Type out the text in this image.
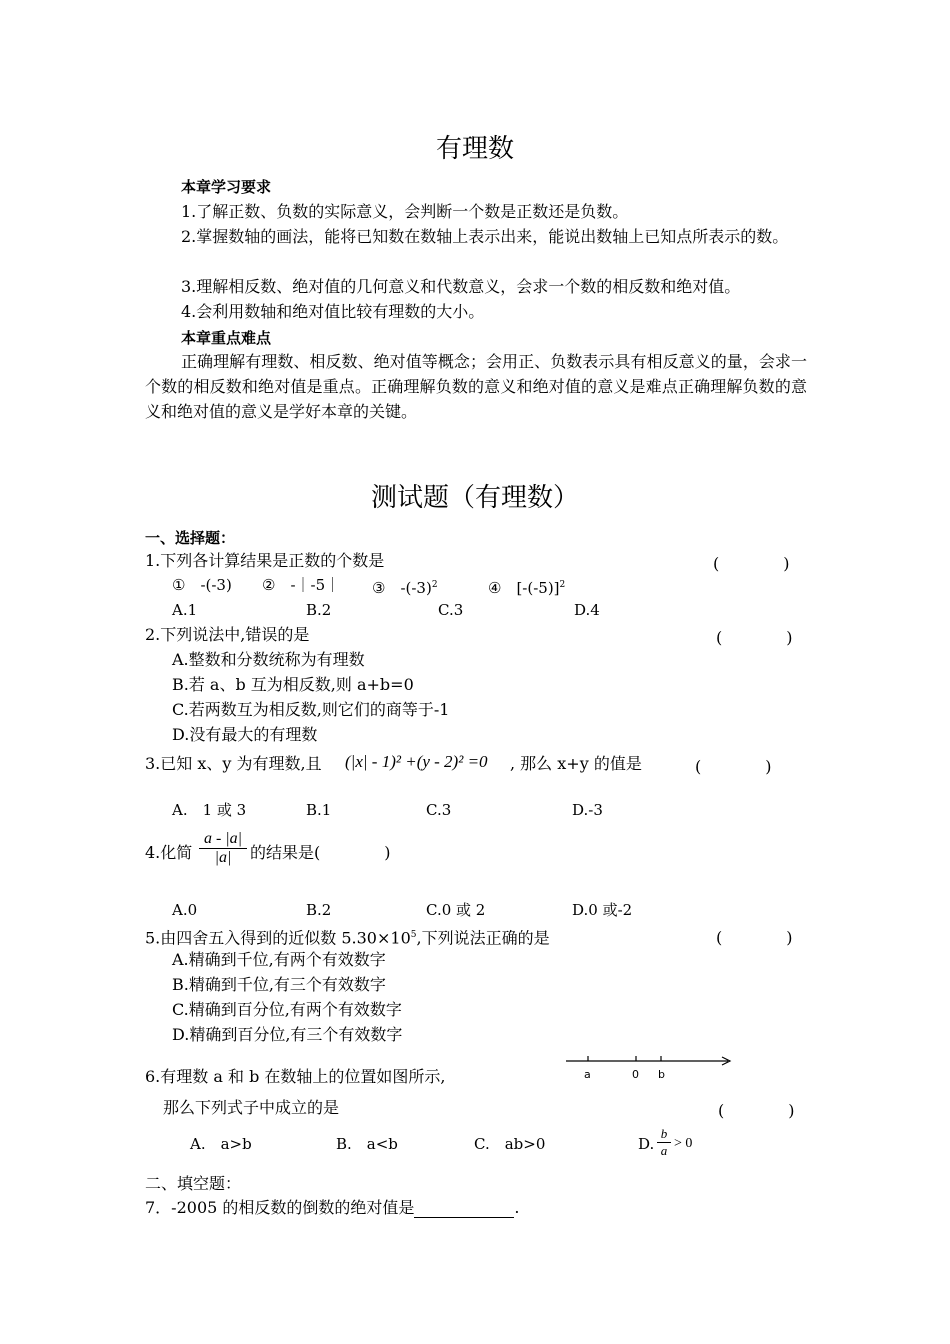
有理数
本章学习要求
1.了解正数、负数的实际意义，会判断一个数是正数还是负数。
2.掌握数轴的画法，能将已知数在数轴上表示出来，能说出数轴上已知点所表示的数。
3.理解相反数、绝对值的几何意义和代数意义，会求一个数的相反数和绝对值。
4.会利用数轴和绝对值比较有理数的大小。
本章重点难点
正确理解有理数、相反数、绝对值等概念；会用正、负数表示具有相反意义的量，会求一个数的相反数和绝对值是重点。正确理解负数的意义和绝对值的意义是难点正确理解负数的意义和绝对值的意义是学好本章的关键。
测试题（有理数）
一、选择题：
1.下列各计算结果是正数的个数是	(　　　　)
①　-(-3) ②　-｜-5｜ ③　$-(-3)^2$	④　$[-(-5)]^2$
A.1	B.2	C.3	D.4
2.下列说法中,错误的是	(　　　　)
A.整数和分数统称为有理数
B.若 a、b 互为相反数,则 a+b=0
C.若两数互为相反数,则它们的商等于-1
D.没有最大的有理数
3.已知 x、y 为有理数,且 (|x| - 1)² +(y - 2)² =0 , 那么 x+y 的值是	(　　　　)
A.　1 或 3	B.1	C.3	D.-3
4.化简
a - |a|
|a| 的结果是(　　　　)
A.0	B.2	C.0 或 2	D.0 或-2
5.由四舍五入得到的近似数 $5.30\times 10^5$,下列说法正确的是	(　　　　)
A.精确到千位,有两个有效数字
B.精确到千位,有三个有效数字
C.精确到百分位,有两个有效数字
D.精确到百分位,有三个有效数字
a	0 b
6.有理数 a 和 b 在数轴上的位置如图所示,
那么下列式子中成立的是	(　　　　)
A.　a>b	B.　a<b	C.　ab>0	D.
b
a > 0
二、填空题：
7．-2005 的相反数的倒数的绝对值是	.
